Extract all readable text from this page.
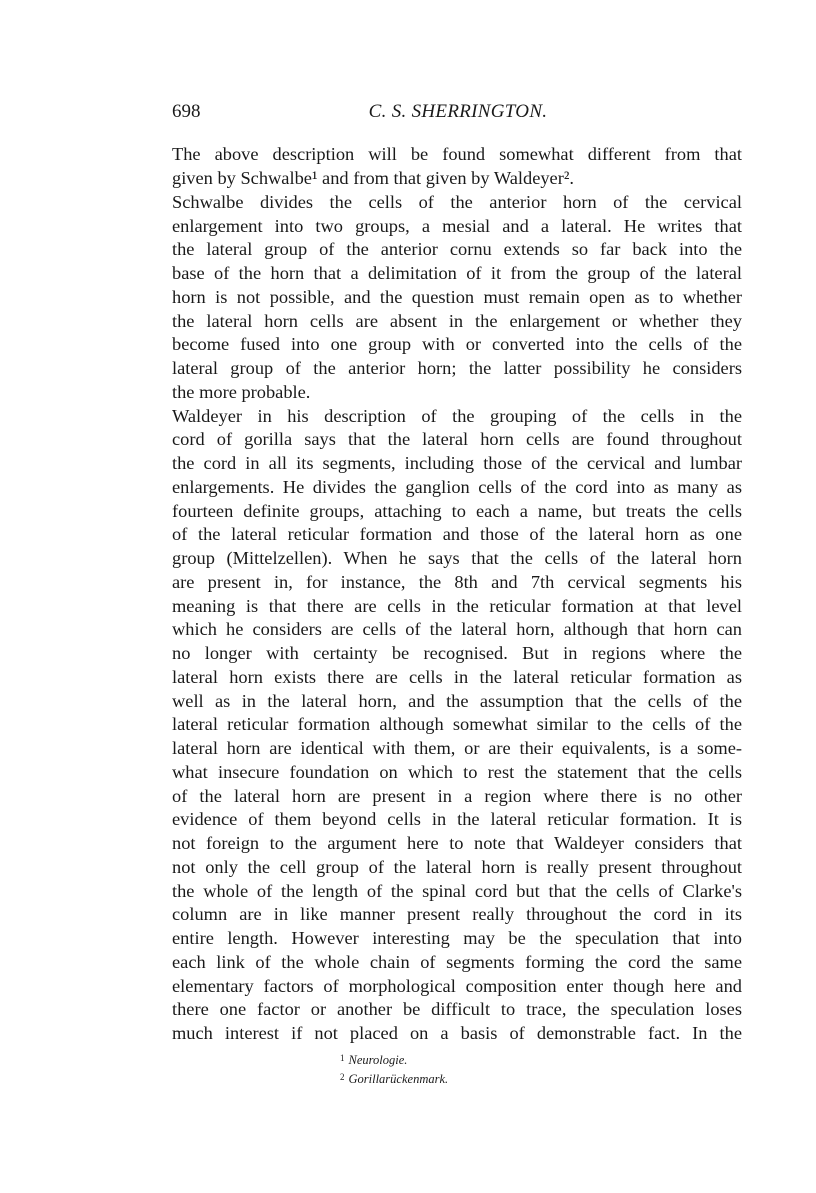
698	C. S. SHERRINGTON.
The above description will be found somewhat different from that
given by Schwalbe¹ and from that given by Waldeyer².
Schwalbe divides the cells of the anterior horn of the cervical
enlargement into two groups, a mesial and a lateral. He writes that
the lateral group of the anterior cornu extends so far back into the
base of the horn that a delimitation of it from the group of the lateral
horn is not possible, and the question must remain open as to whether
the lateral horn cells are absent in the enlargement or whether they
become fused into one group with or converted into the cells of the
lateral group of the anterior horn; the latter possibility he considers
the more probable.
Waldeyer in his description of the grouping of the cells in the
cord of gorilla says that the lateral horn cells are found throughout
the cord in all its segments, including those of the cervical and lumbar
enlargements. He divides the ganglion cells of the cord into as many as
fourteen definite groups, attaching to each a name, but treats the cells
of the lateral reticular formation and those of the lateral horn as one
group (Mittelzellen). When he says that the cells of the lateral horn
are present in, for instance, the 8th and 7th cervical segments his
meaning is that there are cells in the reticular formation at that level
which he considers are cells of the lateral horn, although that horn can
no longer with certainty be recognised. But in regions where the
lateral horn exists there are cells in the lateral reticular formation as
well as in the lateral horn, and the assumption that the cells of the
lateral reticular formation although somewhat similar to the cells of the
lateral horn are identical with them, or are their equivalents, is a some-
what insecure foundation on which to rest the statement that the cells
of the lateral horn are present in a region where there is no other
evidence of them beyond cells in the lateral reticular formation. It is
not foreign to the argument here to note that Waldeyer considers that
not only the cell group of the lateral horn is really present throughout
the whole of the length of the spinal cord but that the cells of Clarke's
column are in like manner present really throughout the cord in its
entire length. However interesting may be the speculation that into
each link of the whole chain of segments forming the cord the same
elementary factors of morphological composition enter though here and
there one factor or another be difficult to trace, the speculation loses
much interest if not placed on a basis of demonstrable fact. In the
$^1$ Neurologie.
$^2$ Gorillarückenmark.
